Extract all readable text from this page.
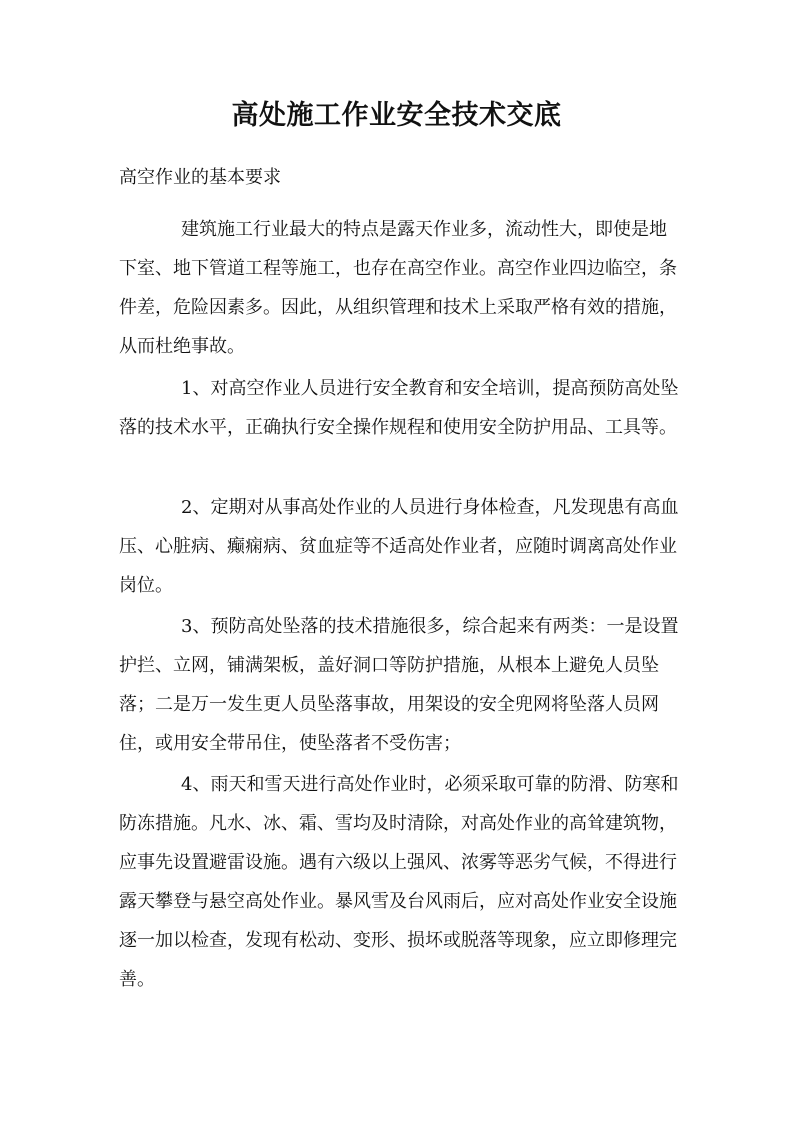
高处施工作业安全技术交底
高空作业的基本要求

建筑施工行业最大的特点是露天作业多，流动性大，即使是地下室、地下管道工程等施工，也存在高空作业。高空作业四边临空，条件差，危险因素多。因此，从组织管理和技术上采取严格有效的措施，从而杜绝事故。

1、对高空作业人员进行安全教育和安全培训，提高预防高处坠落的技术水平，正确执行安全操作规程和使用安全防护用品、工具等。

2、定期对从事高处作业的人员进行身体检查，凡发现患有高血压、心脏病、癫痫病、贫血症等不适高处作业者，应随时调离高处作业岗位。

3、预防高处坠落的技术措施很多，综合起来有两类：一是设置护拦、立网，铺满架板，盖好洞口等防护措施，从根本上避免人员坠落；二是万一发生更人员坠落事故，用架设的安全兜网将坠落人员网住，或用安全带吊住，使坠落者不受伤害；

4、雨天和雪天进行高处作业时，必须采取可靠的防滑、防寒和防冻措施。凡水、冰、霜、雪均及时清除，对高处作业的高耸建筑物，应事先设置避雷设施。遇有六级以上强风、浓雾等恶劣气候，不得进行露天攀登与悬空高处作业。暴风雪及台风雨后，应对高处作业安全设施逐一加以检查，发现有松动、变形、损坏或脱落等现象，应立即修理完善。
